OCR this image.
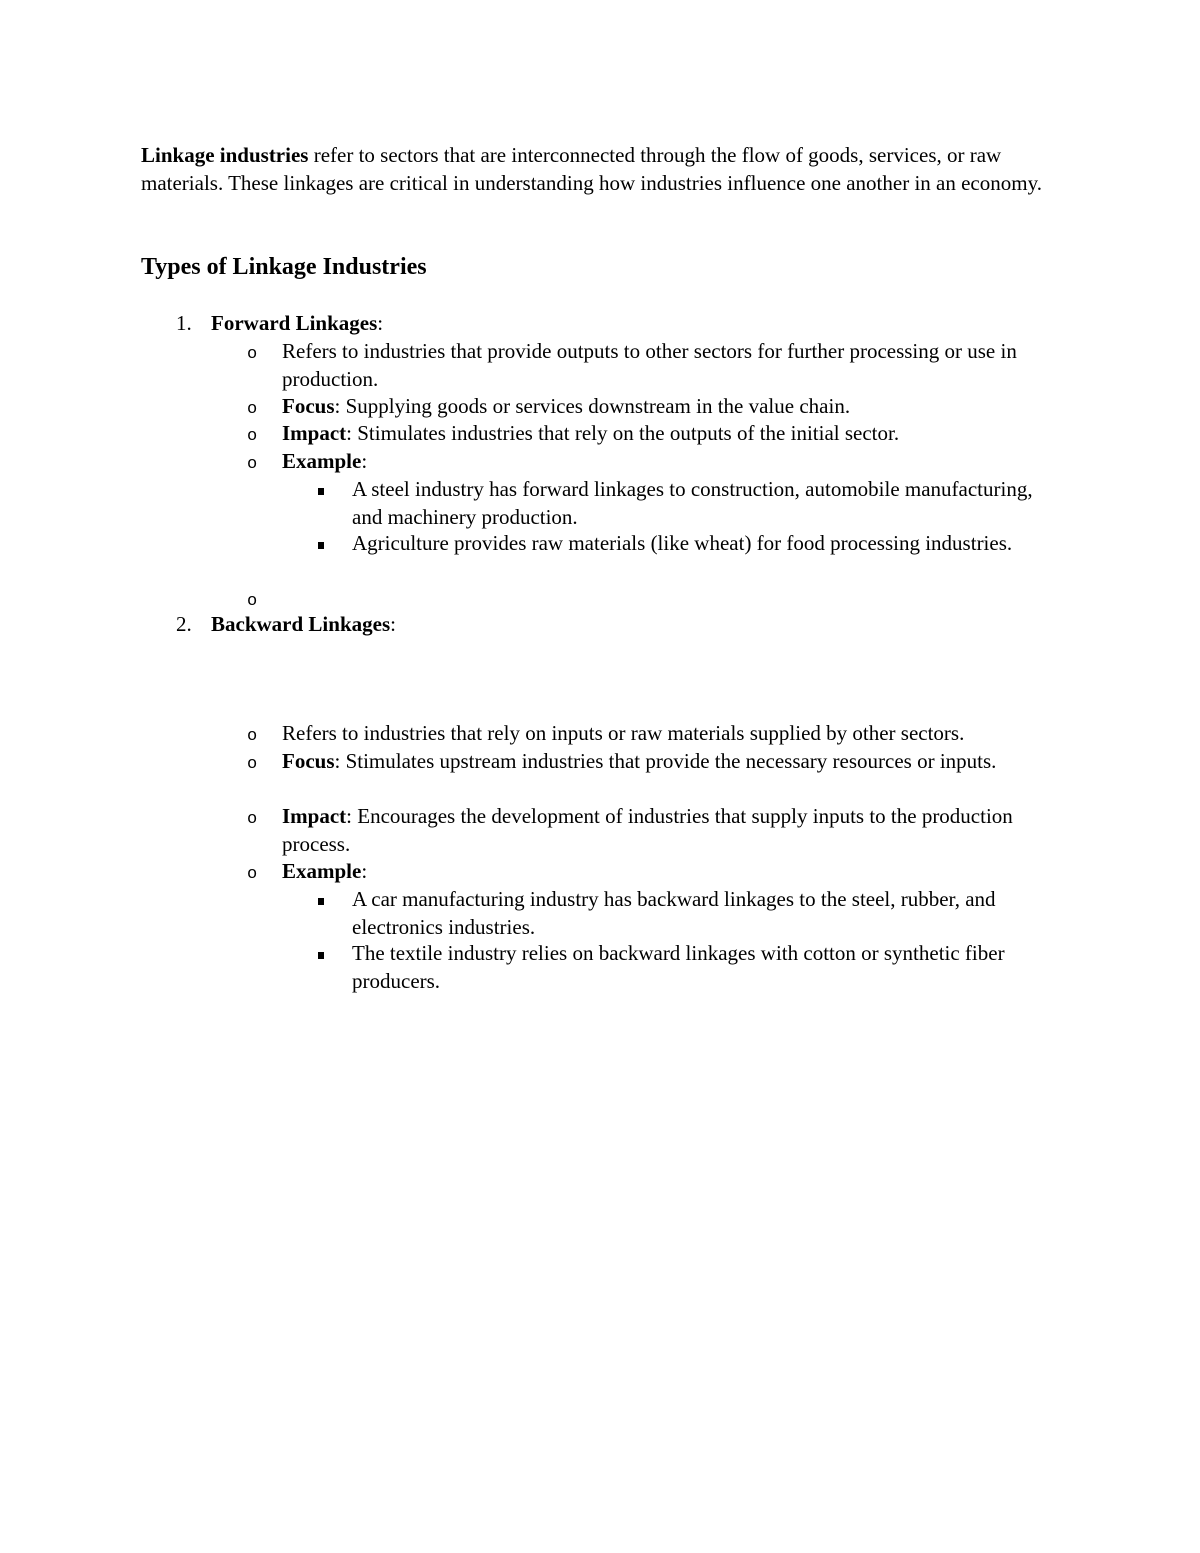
Linkage industries refer to sectors that are interconnected through the flow of goods, services, or raw materials. These linkages are critical in understanding how industries influence one another in an economy.

Types of Linkage Industries
1. Forward Linkages:
o Refers to industries that provide outputs to other sectors for further processing or use in production.
o Focus: Supplying goods or services downstream in the value chain.
o Impact: Stimulates industries that rely on the outputs of the initial sector.
o Example:
A steel industry has forward linkages to construction, automobile manufacturing, and machinery production.
Agriculture provides raw materials (like wheat) for food processing industries.
o
2. Backward Linkages:
o Refers to industries that rely on inputs or raw materials supplied by other sectors.
o Focus: Stimulates upstream industries that provide the necessary resources or inputs.
o Impact: Encourages the development of industries that supply inputs to the production process.
o Example:
A car manufacturing industry has backward linkages to the steel, rubber, and electronics industries.
The textile industry relies on backward linkages with cotton or synthetic fiber producers.
